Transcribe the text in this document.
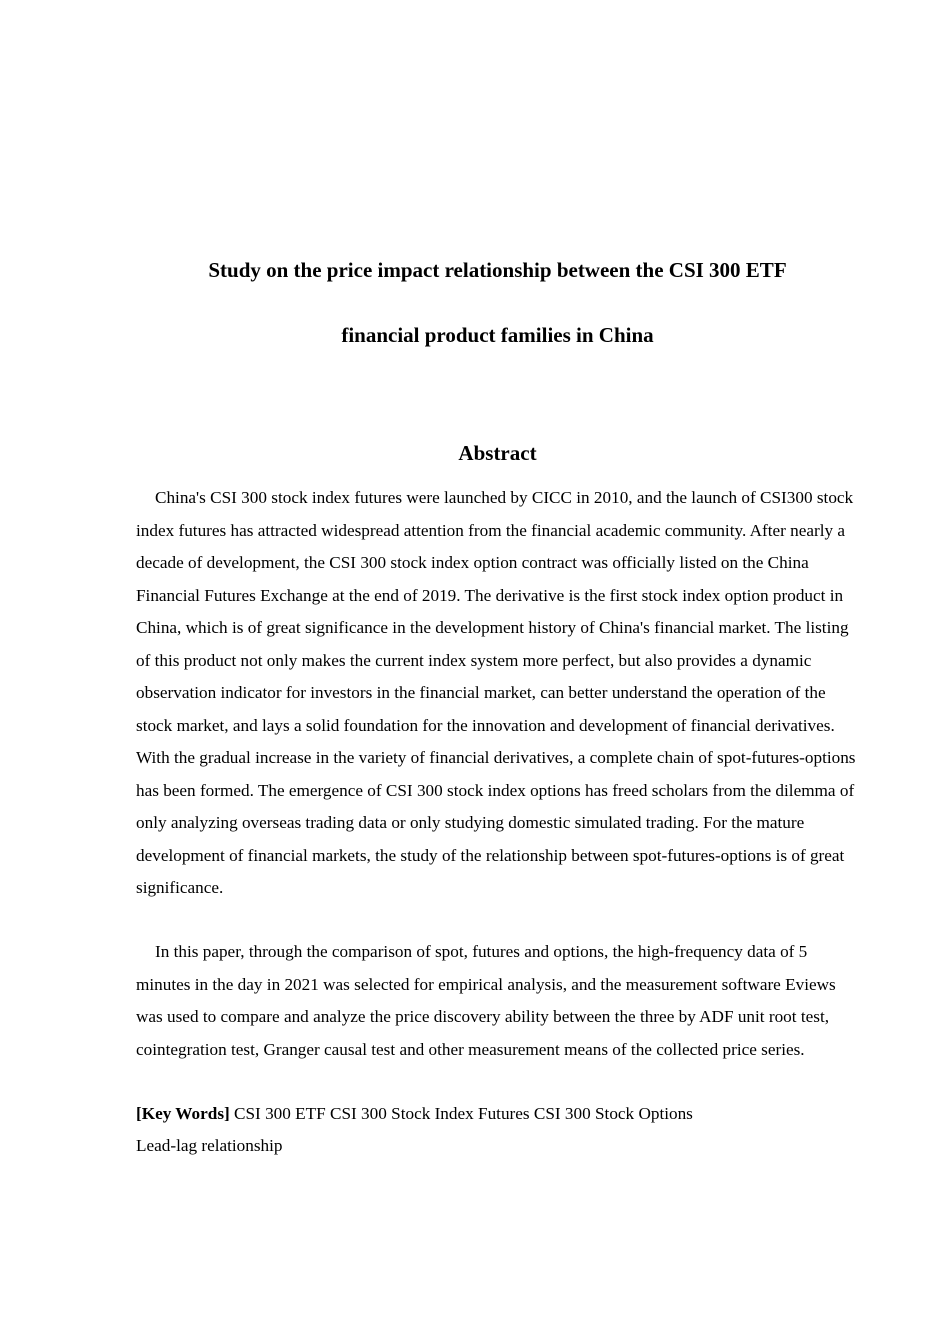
Study on the price impact relationship between the CSI 300 ETF
financial product families in China
Abstract

China's CSI 300 stock index futures were launched by CICC in 2010, and the launch of CSI300 stock index futures has attracted widespread attention from the financial academic community. After nearly a decade of development, the CSI 300 stock index option contract was officially listed on the China Financial Futures Exchange at the end of 2019. The derivative is the first stock index option product in China, which is of great significance in the development history of China's financial market. The listing of this product not only makes the current index system more perfect, but also provides a dynamic observation indicator for investors in the financial market, can better understand the operation of the stock market, and lays a solid foundation for the innovation and development of financial derivatives. With the gradual increase in the variety of financial derivatives, a complete chain of spot-futures-options has been formed. The emergence of CSI 300 stock index options has freed scholars from the dilemma of only analyzing overseas trading data or only studying domestic simulated trading. For the mature development of financial markets, the study of the relationship between spot-futures-options is of great significance.

In this paper, through the comparison of spot, futures and options, the high-frequency data of 5 minutes in the day in 2021 was selected for empirical analysis, and the measurement software Eviews was used to compare and analyze the price discovery ability between the three by ADF unit root test, cointegration test, Granger causal test and other measurement means of the collected price series.

[Key Words] CSI 300 ETF CSI 300 Stock Index Futures CSI 300 Stock Options
Lead-lag relationship
